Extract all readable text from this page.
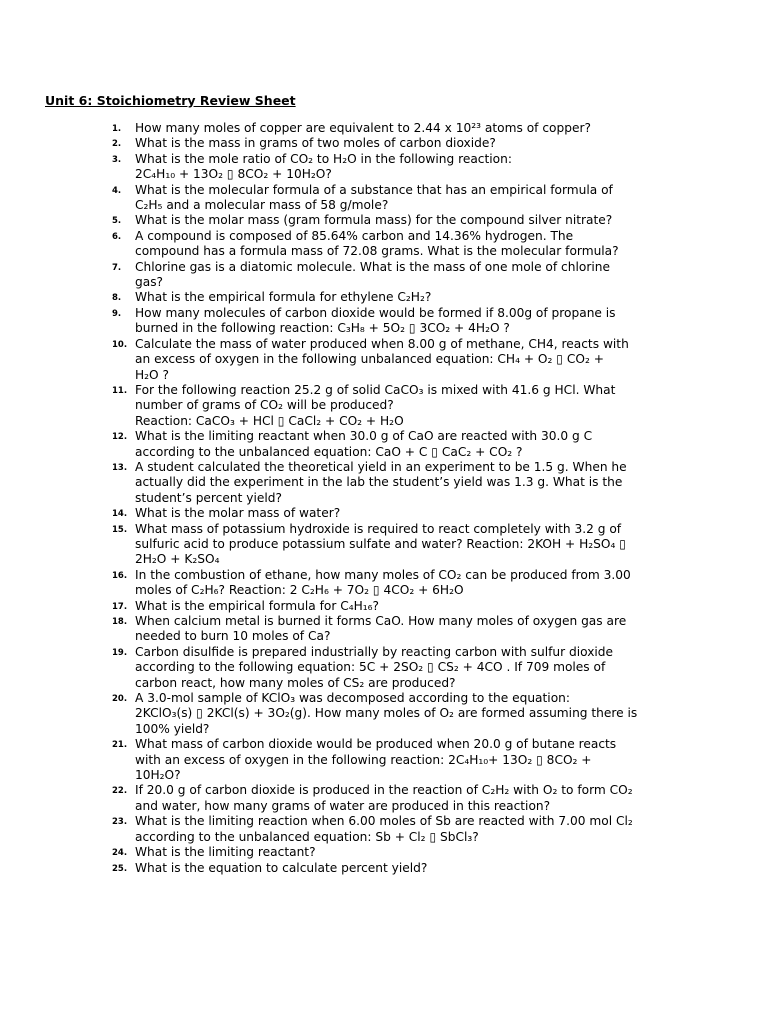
Unit 6: Stoichiometry Review Sheet
1. How many moles of copper are equivalent to 2.44 x 10²³ atoms of copper?
2. What is the mass in grams of two moles of carbon dioxide?
3. What is the mole ratio of CO₂ to H₂O in the following reaction:
2C₄H₁₀ + 13O₂ ▯ 8CO₂ + 10H₂O?
4. What is the molecular formula of a substance that has an empirical formula of
C₂H₅ and a molecular mass of 58 g/mole?
5. What is the molar mass (gram formula mass) for the compound silver nitrate?
6. A compound is composed of 85.64% carbon and 14.36% hydrogen. The
compound has a formula mass of 72.08 grams. What is the molecular formula?
7. Chlorine gas is a diatomic molecule. What is the mass of one mole of chlorine
gas?
8. What is the empirical formula for ethylene C₂H₂?
9. How many molecules of carbon dioxide would be formed if 8.00g of propane is
burned in the following reaction: C₃H₈ + 5O₂ ▯ 3CO₂ + 4H₂O ?
10. Calculate the mass of water produced when 8.00 g of methane, CH4, reacts with
an excess of oxygen in the following unbalanced equation: CH₄ + O₂ ▯ CO₂ +
H₂O ?
11. For the following reaction 25.2 g of solid CaCO₃ is mixed with 41.6 g HCl. What
number of grams of CO₂ will be produced?
Reaction: CaCO₃ + HCl ▯ CaCl₂ + CO₂ + H₂O
12. What is the limiting reactant when 30.0 g of CaO are reacted with 30.0 g C
according to the unbalanced equation: CaO + C ▯ CaC₂ + CO₂ ?
13. A student calculated the theoretical yield in an experiment to be 1.5 g. When he
actually did the experiment in the lab the student’s yield was 1.3 g. What is the
student’s percent yield?
14. What is the molar mass of water?
15. What mass of potassium hydroxide is required to react completely with 3.2 g of
sulfuric acid to produce potassium sulfate and water? Reaction: 2KOH + H₂SO₄ ▯
2H₂O + K₂SO₄
16. In the combustion of ethane, how many moles of CO₂ can be produced from 3.00
moles of C₂H₆? Reaction: 2 C₂H₆ + 7O₂ ▯ 4CO₂ + 6H₂O
17. What is the empirical formula for C₄H₁₆?
18. When calcium metal is burned it forms CaO. How many moles of oxygen gas are
needed to burn 10 moles of Ca?
19. Carbon disulfide is prepared industrially by reacting carbon with sulfur dioxide
according to the following equation: 5C + 2SO₂ ▯ CS₂ + 4CO . If 709 moles of
carbon react, how many moles of CS₂ are produced?
20. A 3.0-mol sample of KClO₃ was decomposed according to the equation:
2KClO₃(s) ▯ 2KCl(s) + 3O₂(g). How many moles of O₂ are formed assuming there is
100% yield?
21. What mass of carbon dioxide would be produced when 20.0 g of butane reacts
with an excess of oxygen in the following reaction: 2C₄H₁₀+ 13O₂ ▯ 8CO₂ +
10H₂O?
22. If 20.0 g of carbon dioxide is produced in the reaction of C₂H₂ with O₂ to form CO₂
and water, how many grams of water are produced in this reaction?
23. What is the limiting reaction when 6.00 moles of Sb are reacted with 7.00 mol Cl₂
according to the unbalanced equation: Sb + Cl₂ ▯ SbCl₃?
24. What is the limiting reactant?
25. What is the equation to calculate percent yield?
